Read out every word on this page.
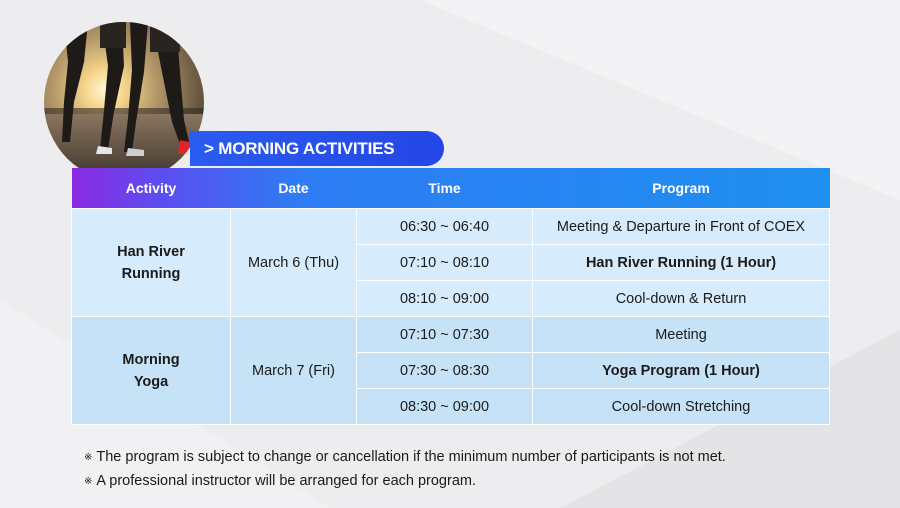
> MORNING ACTIVITIES
Activity	Date	Time	Program
Han River
Running	March 6 (Thu)	06:30 ~ 06:40	Meeting & Departure in Front of COEX
		07:10 ~ 08:10	Han River Running (1 Hour)
		08:10 ~ 09:00	Cool-down & Return
Morning
Yoga	March 7 (Fri)	07:10 ~ 07:30	Meeting
		07:30 ~ 08:30	Yoga Program (1 Hour)
		08:30 ~ 09:00	Cool-down Stretching
※ The program is subject to change or cancellation if the minimum number of participants is not met.
※ A professional instructor will be arranged for each program.
